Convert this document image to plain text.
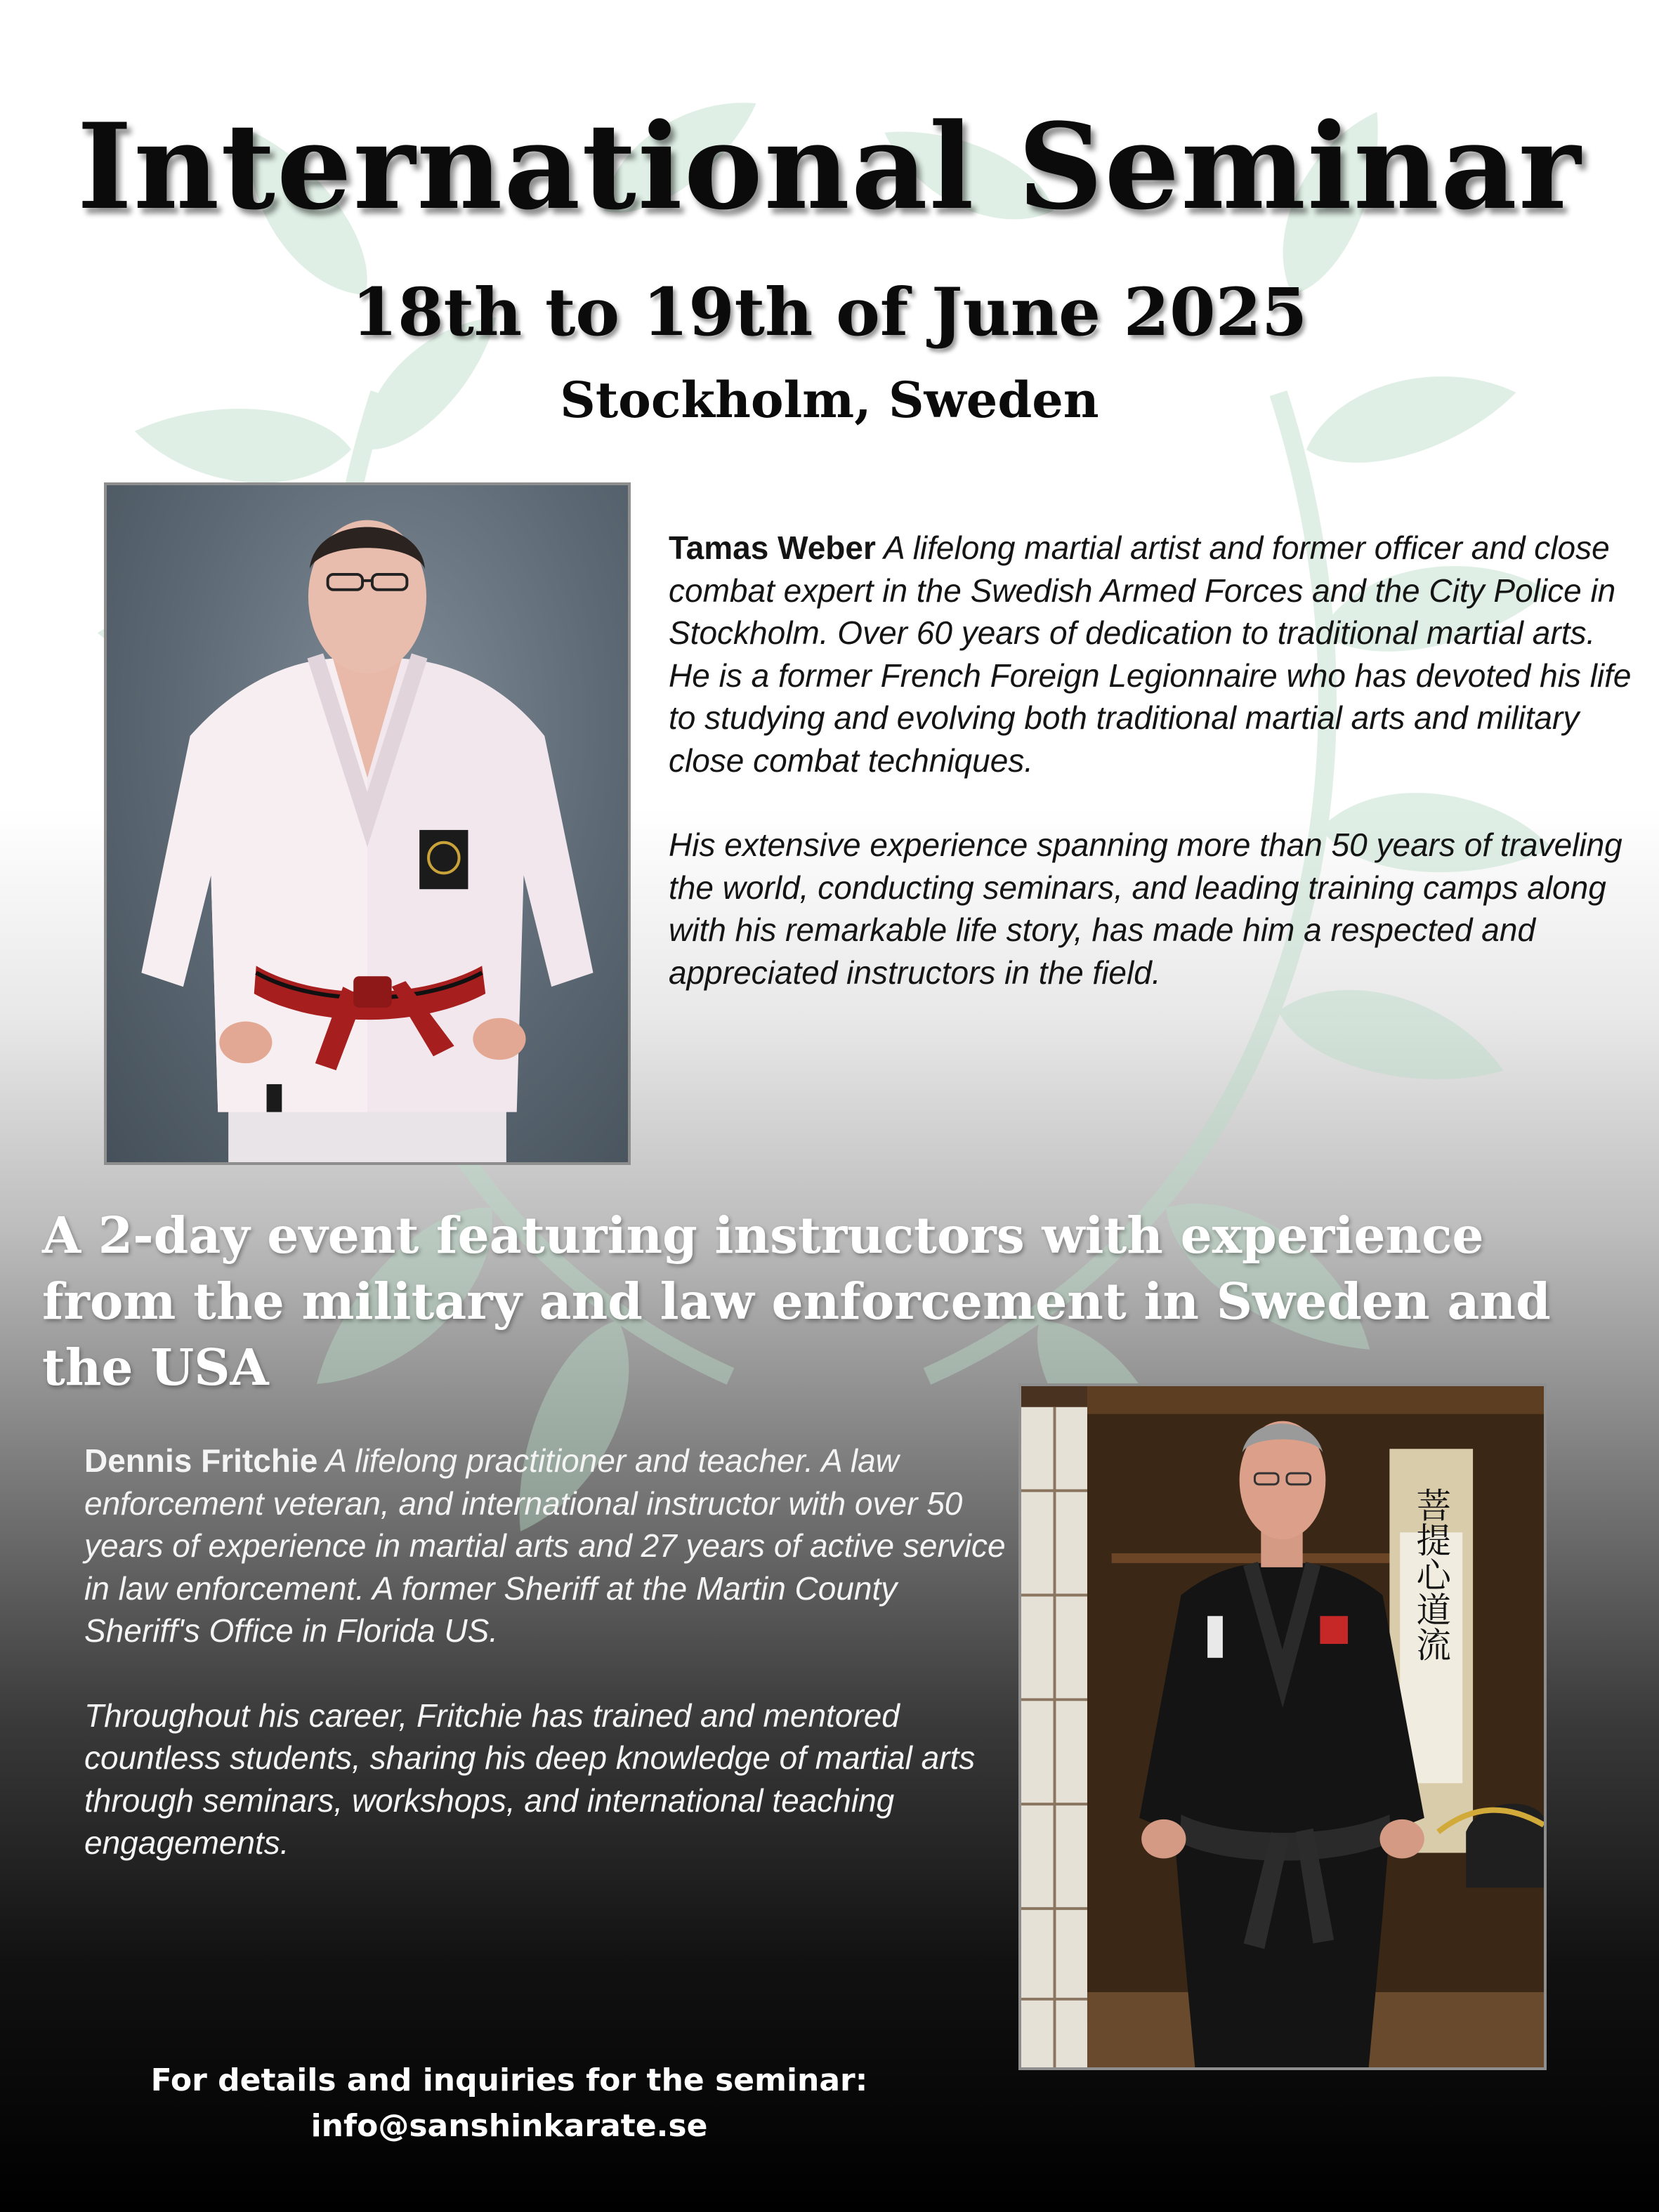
International Seminar
18th to 19th of June 2025
Stockholm, Sweden

Tamas Weber A lifelong martial artist and former officer and close combat expert in the Swedish Armed Forces and the City Police in Stockholm. Over 60 years of dedication to traditional martial arts. He is a former French Foreign Legionnaire who has devoted his life to studying and evolving both traditional martial arts and military close combat techniques.

His extensive experience spanning more than 50 years of traveling the world, conducting seminars, and leading training camps along with his remarkable life story, has made him a respected and appreciated instructors in the field.

A 2-day event featuring instructors with experience from the military and law enforcement in Sweden and the USA

Dennis Fritchie A lifelong practitioner and teacher. A law enforcement veteran, and international instructor with over 50 years of experience in martial arts and 27 years of active service in law enforcement. A former Sheriff at the Martin County Sheriff's Office in Florida US.

Throughout his career, Fritchie has trained and mentored countless students, sharing his deep knowledge of martial arts through seminars, workshops, and international teaching engagements.

菩提心道流
For details and inquiries for the seminar:
info@sanshinkarate.se
